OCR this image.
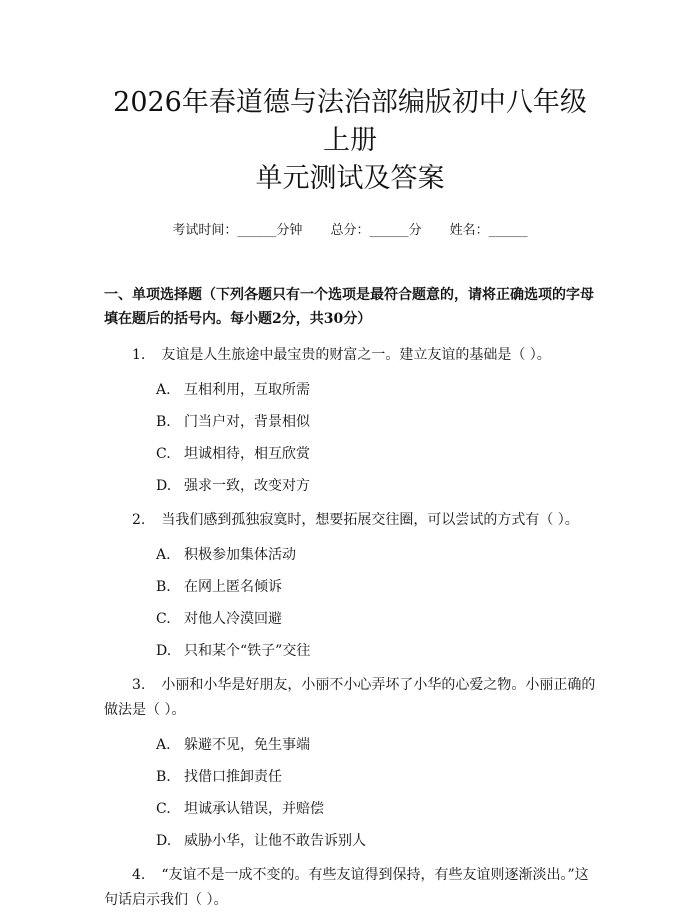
2026年春道德与法治部编版初中八年级上册
单元测试及答案
考试时间：______分钟 总分：______分 姓名：______
一、单项选择题（下列各题只有一个选项是最符合题意的，请将正确选项的字母填在题后的括号内。每小题2分，共30分）
1. 友谊是人生旅途中最宝贵的财富之一。建立友谊的基础是（ ）。
A. 互相利用，互取所需
B. 门当户对，背景相似
C. 坦诚相待，相互欣赏
D. 强求一致，改变对方
2. 当我们感到孤独寂寞时，想要拓展交往圈，可以尝试的方式有（ ）。
A. 积极参加集体活动
B. 在网上匿名倾诉
C. 对他人冷漠回避
D. 只和某个“铁子”交往
3. 小丽和小华是好朋友，小丽不小心弄坏了小华的心爱之物。小丽正确的做法是（ ）。
A. 躲避不见，免生事端
B. 找借口推卸责任
C. 坦诚承认错误，并赔偿
D. 威胁小华，让他不敢告诉别人
4. “友谊不是一成不变的。有些友谊得到保持，有些友谊则逐渐淡出。”这句话启示我们（ ）。
